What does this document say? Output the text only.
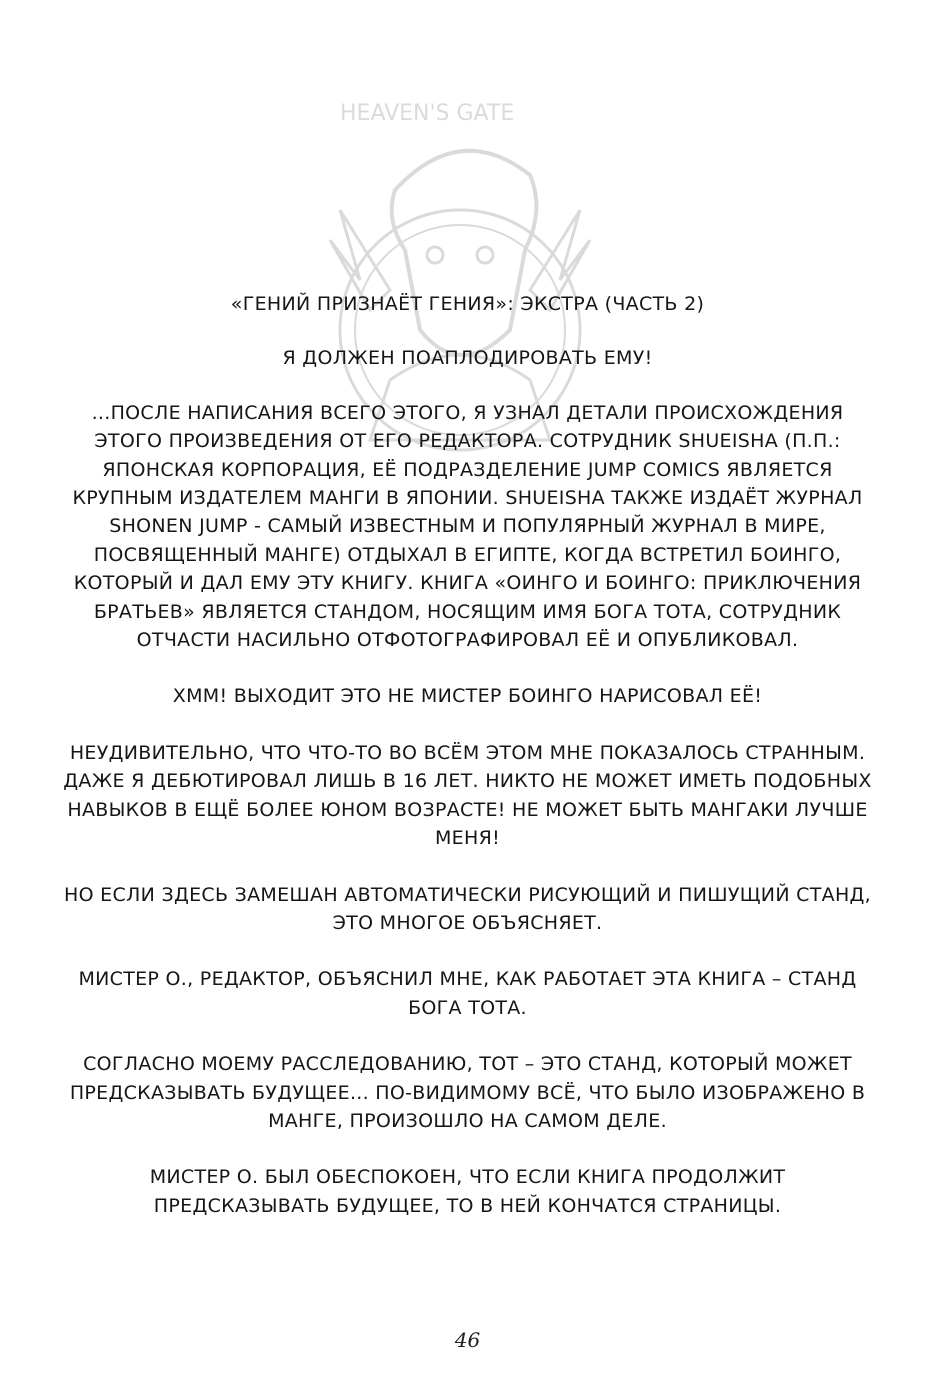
HEAVEN'S GATE

«ГЕНИЙ ПРИЗНАЁТ ГЕНИЯ»: ЭКСТРА (ЧАСТЬ 2)

Я ДОЛЖЕН ПОАПЛОДИРОВАТЬ ЕМУ!

...ПОСЛЕ НАПИСАНИЯ ВСЕГО ЭТОГО, Я УЗНАЛ ДЕТАЛИ ПРОИСХОЖДЕНИЯ ЭТОГО ПРОИЗВЕДЕНИЯ ОТ ЕГО РЕДАКТОРА. СОТРУДНИК SHUEISHA (П.П.: ЯПОНСКАЯ КОРПОРАЦИЯ, ЕЁ ПОДРАЗДЕЛЕНИЕ JUMP COMICS ЯВЛЯЕТСЯ КРУПНЫМ ИЗДАТЕЛЕМ МАНГИ В ЯПОНИИ. SHUEISHA ТАКЖЕ ИЗДАЁТ ЖУРНАЛ SHONEN JUMP - САМЫЙ ИЗВЕСТНЫМ И ПОПУЛЯРНЫЙ ЖУРНАЛ В МИРЕ, ПОСВЯЩЕННЫЙ МАНГЕ) ОТДЫХАЛ В ЕГИПТЕ, КОГДА ВСТРЕТИЛ БОИНГО, КОТОРЫЙ И ДАЛ ЕМУ ЭТУ КНИГУ. КНИГА «ОИНГО И БОИНГО: ПРИКЛЮЧЕНИЯ БРАТЬЕВ» ЯВЛЯЕТСЯ СТАНДОМ, НОСЯЩИМ ИМЯ БОГА ТОТА, СОТРУДНИК ОТЧАСТИ НАСИЛЬНО ОТФОТОГРАФИРОВАЛ ЕЁ И ОПУБЛИКОВАЛ.

ХММ! ВЫХОДИТ ЭТО НЕ МИСТЕР БОИНГО НАРИСОВАЛ ЕЁ!

НЕУДИВИТЕЛЬНО, ЧТО ЧТО-ТО ВО ВСЁМ ЭТОМ МНЕ ПОКАЗАЛОСЬ СТРАННЫМ. ДАЖЕ Я ДЕБЮТИРОВАЛ ЛИШЬ В 16 ЛЕТ. НИКТО НЕ МОЖЕТ ИМЕТЬ ПОДОБНЫХ НАВЫКОВ В ЕЩЁ БОЛЕЕ ЮНОМ ВОЗРАСТЕ! НЕ МОЖЕТ БЫТЬ МАНГАКИ ЛУЧШЕ МЕНЯ!

НО ЕСЛИ ЗДЕСЬ ЗАМЕШАН АВТОМАТИЧЕСКИ РИСУЮЩИЙ И ПИШУЩИЙ СТАНД, ЭТО МНОГОЕ ОБЪЯСНЯЕТ.

МИСТЕР О., РЕДАКТОР, ОБЪЯСНИЛ МНЕ, КАК РАБОТАЕТ ЭТА КНИГА – СТАНД БОГА ТОТА.

СОГЛАСНО МОЕМУ РАССЛЕДОВАНИЮ, ТОТ – ЭТО СТАНД, КОТОРЫЙ МОЖЕТ ПРЕДСКАЗЫВАТЬ БУДУЩЕЕ... ПО-ВИДИМОМУ ВСЁ, ЧТО БЫЛО ИЗОБРАЖЕНО В МАНГЕ, ПРОИЗОШЛО НА САМОМ ДЕЛЕ.

МИСТЕР О. БЫЛ ОБЕСПОКОЕН, ЧТО ЕСЛИ КНИГА ПРОДОЛЖИТ ПРЕДСКАЗЫВАТЬ БУДУЩЕЕ, ТО В НЕЙ КОНЧАТСЯ СТРАНИЦЫ.

46
